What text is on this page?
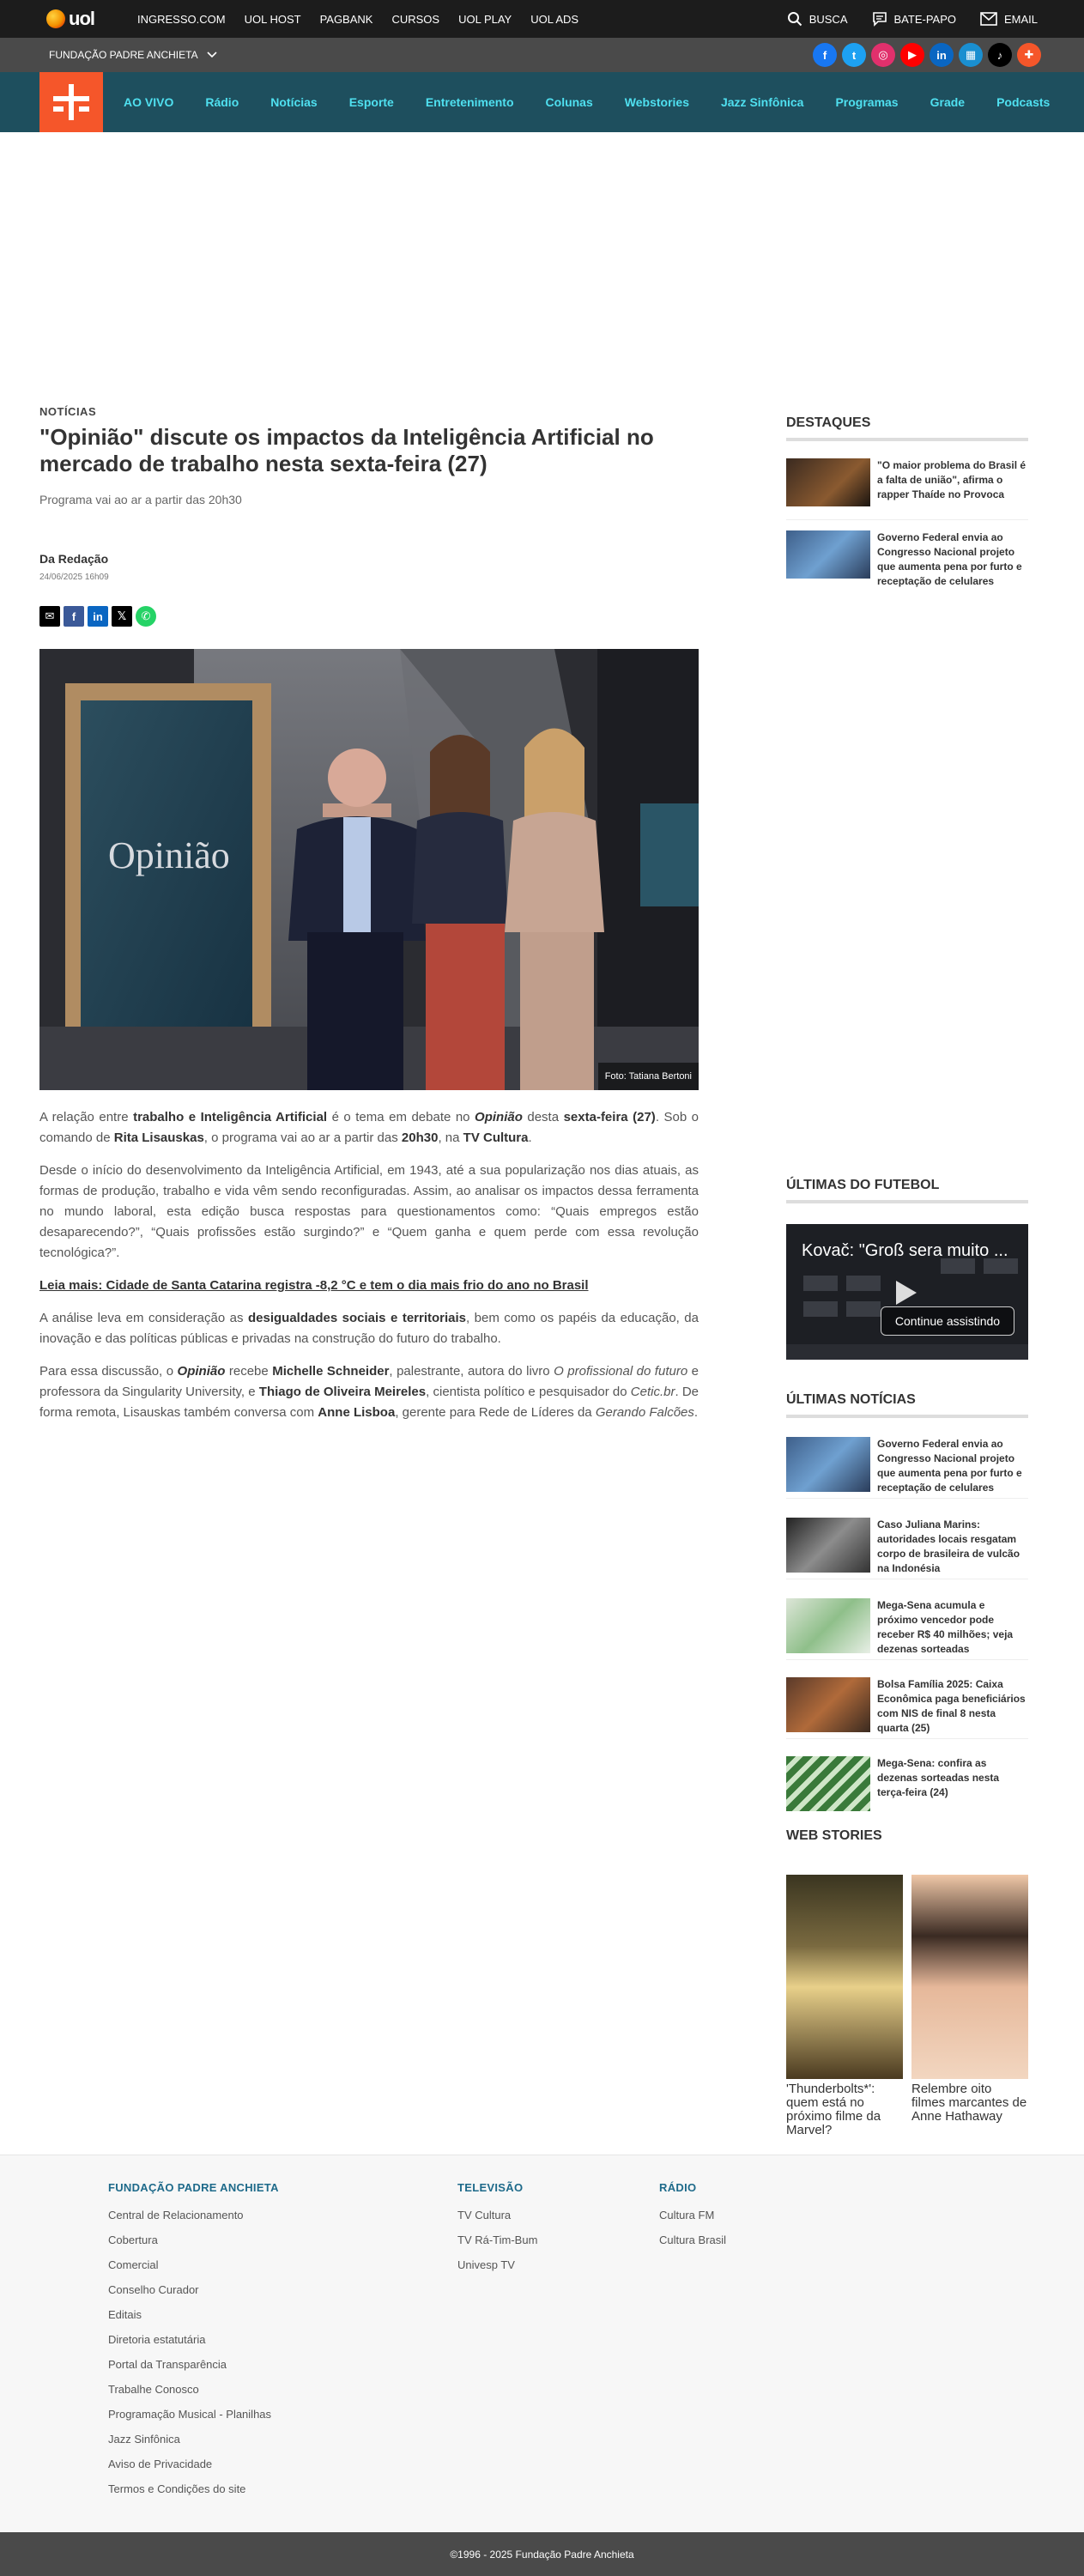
uol	INGRESSO.COM UOL HOST PAGBANK CURSOS UOL PLAY UOL ADS	BUSCA	BATE-PAPO	EMAIL
FUNDAÇÃO PADRE ANCHIETA	f	t	◎	▶	in	▦	♪	✚
AO VIVO	Rádio	Notícias	Esporte	Entretenimento	Colunas	Webstories	Jazz Sinfônica	Programas	Grade	Podcasts
NOTÍCIAS
"Opinião" discute os impactos da Inteligência Artificial no mercado de trabalho nesta sexta-feira (27)
Programa vai ao ar a partir das 20h30
Da Redação
24/06/2025 16h09
✉	f	in	𝕏	✆
Opinião
Foto: Tatiana Bertoni

A relação entre trabalho e Inteligência Artificial é o tema em debate no Opinião desta sexta-feira (27). Sob o comando de Rita Lisauskas, o programa vai ao ar a partir das 20h30, na TV Cultura.

Desde o início do desenvolvimento da Inteligência Artificial, em 1943, até a sua popularização nos dias atuais, as formas de produção, trabalho e vida vêm sendo reconfiguradas. Assim, ao analisar os impactos dessa ferramenta no mundo laboral, esta edição busca respostas para questionamentos como: “Quais empregos estão desaparecendo?”, “Quais profissões estão surgindo?” e “Quem ganha e quem perde com essa revolução tecnológica?”.

Leia mais: Cidade de Santa Catarina registra -8,2 °C e tem o dia mais frio do ano no Brasil

A análise leva em consideração as desigualdades sociais e territoriais, bem como os papéis da educação, da inovação e das políticas públicas e privadas na construção do futuro do trabalho.

Para essa discussão, o Opinião recebe Michelle Schneider, palestrante, autora do livro O profissional do futuro e professora da Singularity University, e Thiago de Oliveira Meireles, cientista político e pesquisador do Cetic.br. De forma remota, Lisauskas também conversa com Anne Lisboa, gerente para Rede de Líderes da Gerando Falcões.

DESTAQUES
"O maior problema do Brasil é a falta de união", afirma o rapper Thaíde no Provoca
Governo Federal envia ao Congresso Nacional projeto que aumenta pena por furto e receptação de celulares
ÚLTIMAS DO FUTEBOL
Kovač: "Groß sera muito ...
Continue assistindo
ÚLTIMAS NOTÍCIAS
Governo Federal envia ao Congresso Nacional projeto que aumenta pena por furto e receptação de celulares
Caso Juliana Marins: autoridades locais resgatam corpo de brasileira de vulcão na Indonésia
Mega-Sena acumula e próximo vencedor pode receber R$ 40 milhões; veja dezenas sorteadas
Bolsa Família 2025: Caixa Econômica paga beneficiários com NIS de final 8 nesta quarta (25)
Mega-Sena: confira as dezenas sorteadas nesta terça-feira (24)
WEB STORIES
'Thunderbolts*': quem está no próximo filme da Marvel?
Relembre oito filmes marcantes de Anne Hathaway
FUNDAÇÃO PADRE ANCHIETA
Central de Relacionamento
Cobertura
Comercial
Conselho Curador
Editais
Diretoria estatutária
Portal da Transparência
Trabalhe Conosco
Programação Musical - Planilhas
Jazz Sinfônica
Aviso de Privacidade
Termos e Condições do site
TELEVISÃO
TV Cultura
TV Rá-Tim-Bum
Univesp TV
RÁDIO
Cultura FM
Cultura Brasil
©1996 - 2025 Fundação Padre Anchieta
